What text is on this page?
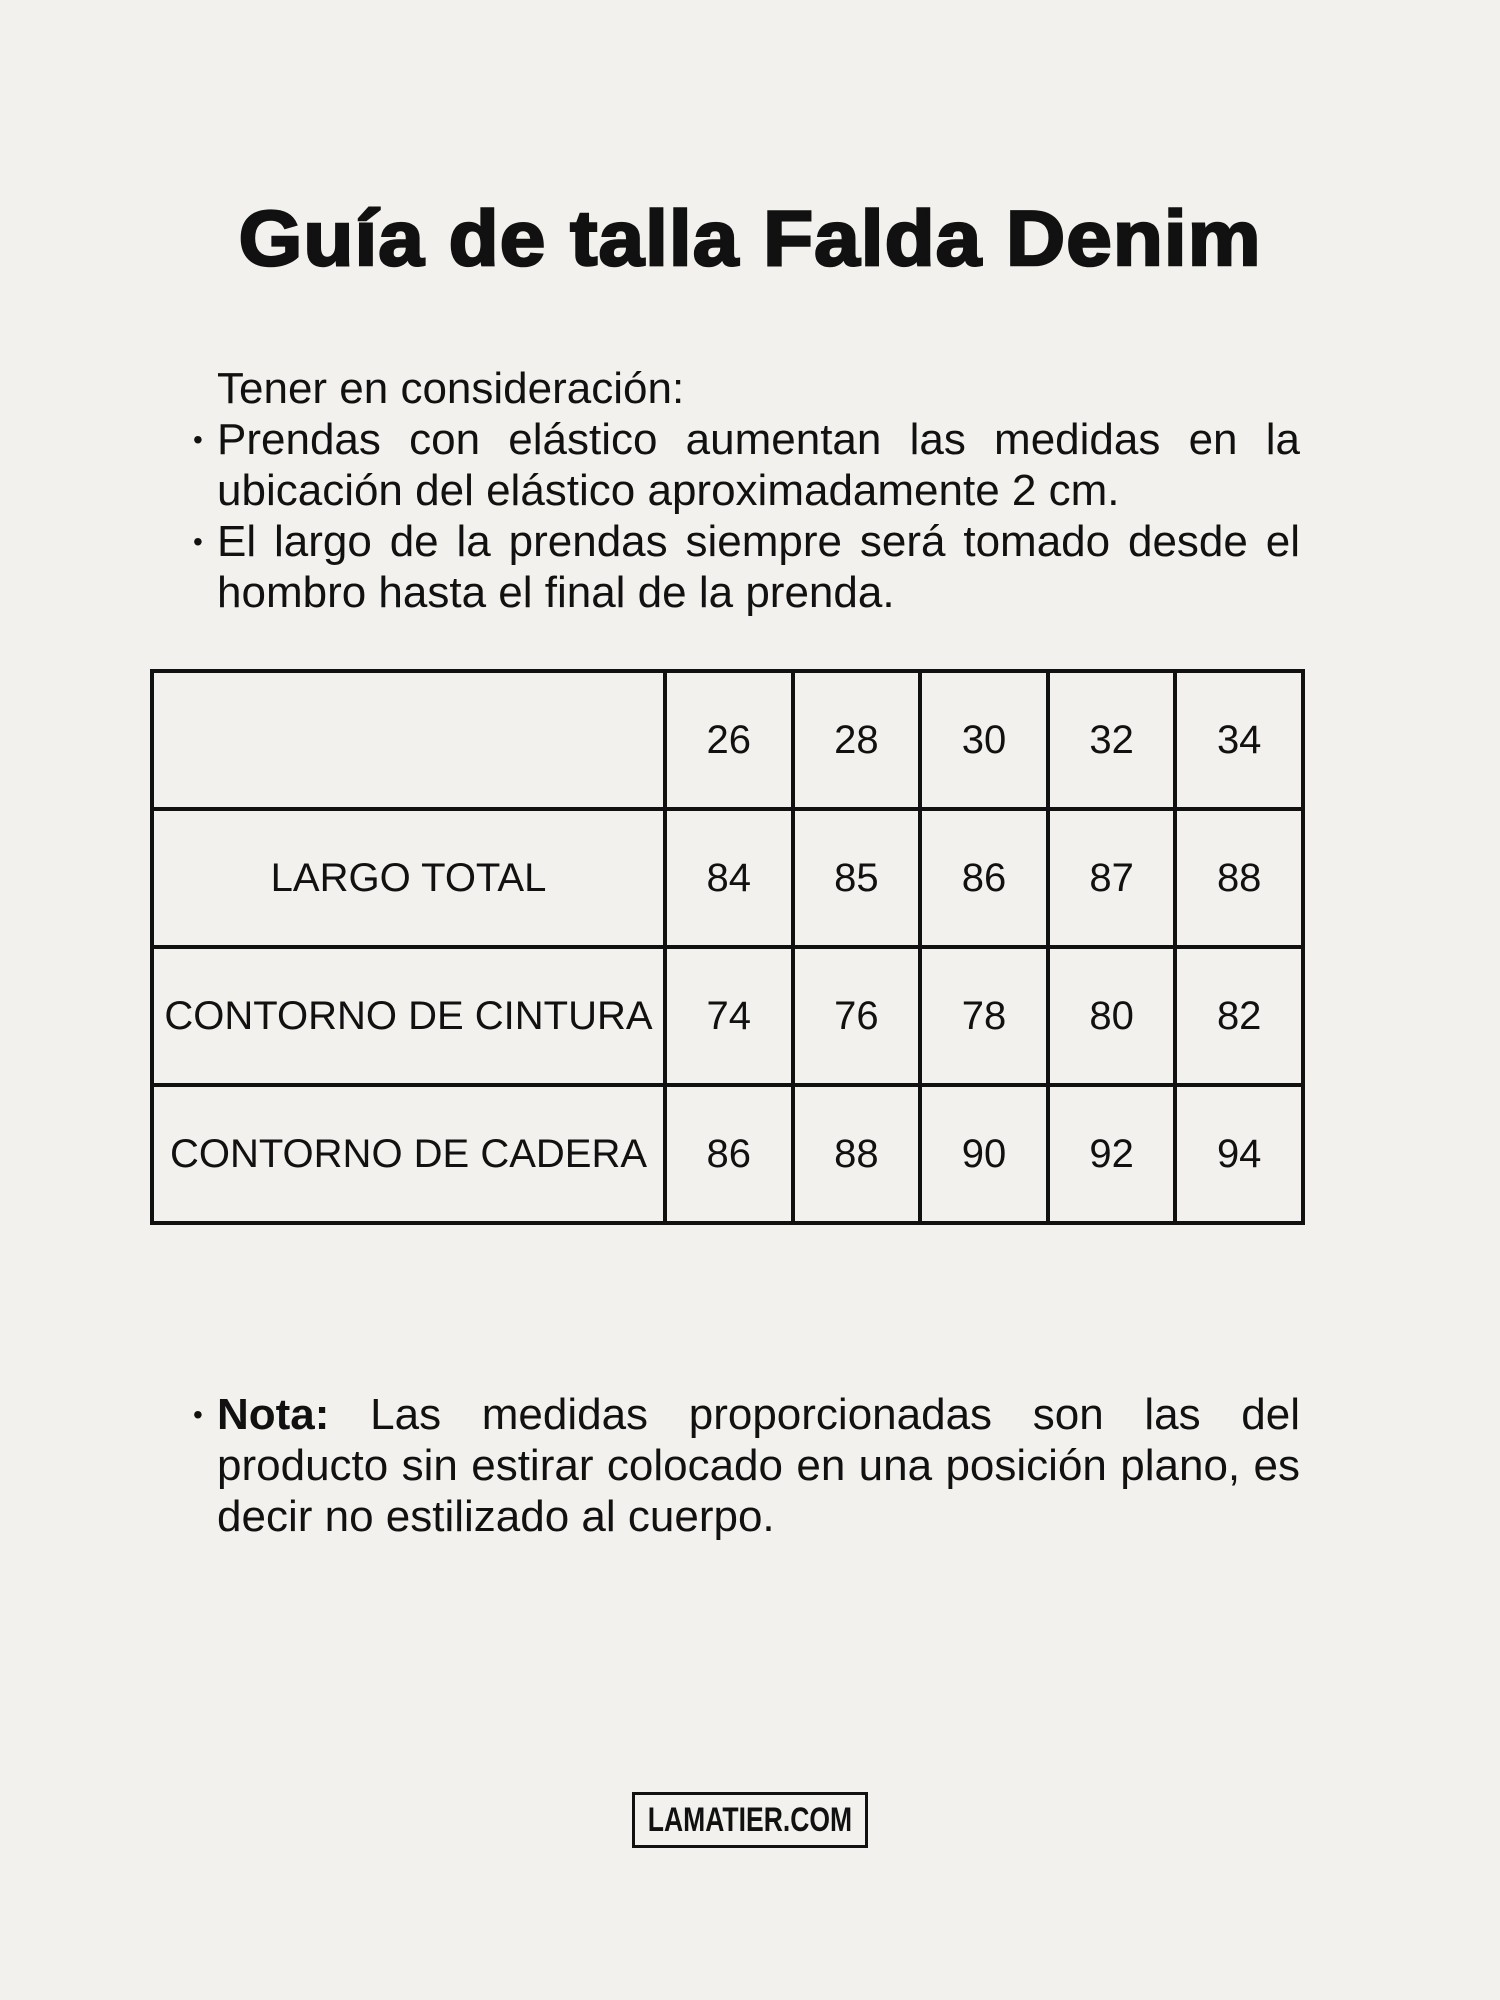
Guía de talla Falda Denim
Tener en consideración:
• Prendas con elástico aumentan las medidas en la ubicación del elástico aproximadamente 2 cm.

• El largo de la prendas siempre será tomado desde el hombro hasta el final de la prenda.

	26	28	30	32	34
LARGO TOTAL	84	85	86	87	88
CONTORNO DE CINTURA	74	76	78	80	82
CONTORNO DE CADERA	86	88	90	92	94
• Nota: Las medidas proporcionadas son las del producto sin estirar colocado en una posición plano, es decir no estilizado al cuerpo.

LAMATIER.COM
